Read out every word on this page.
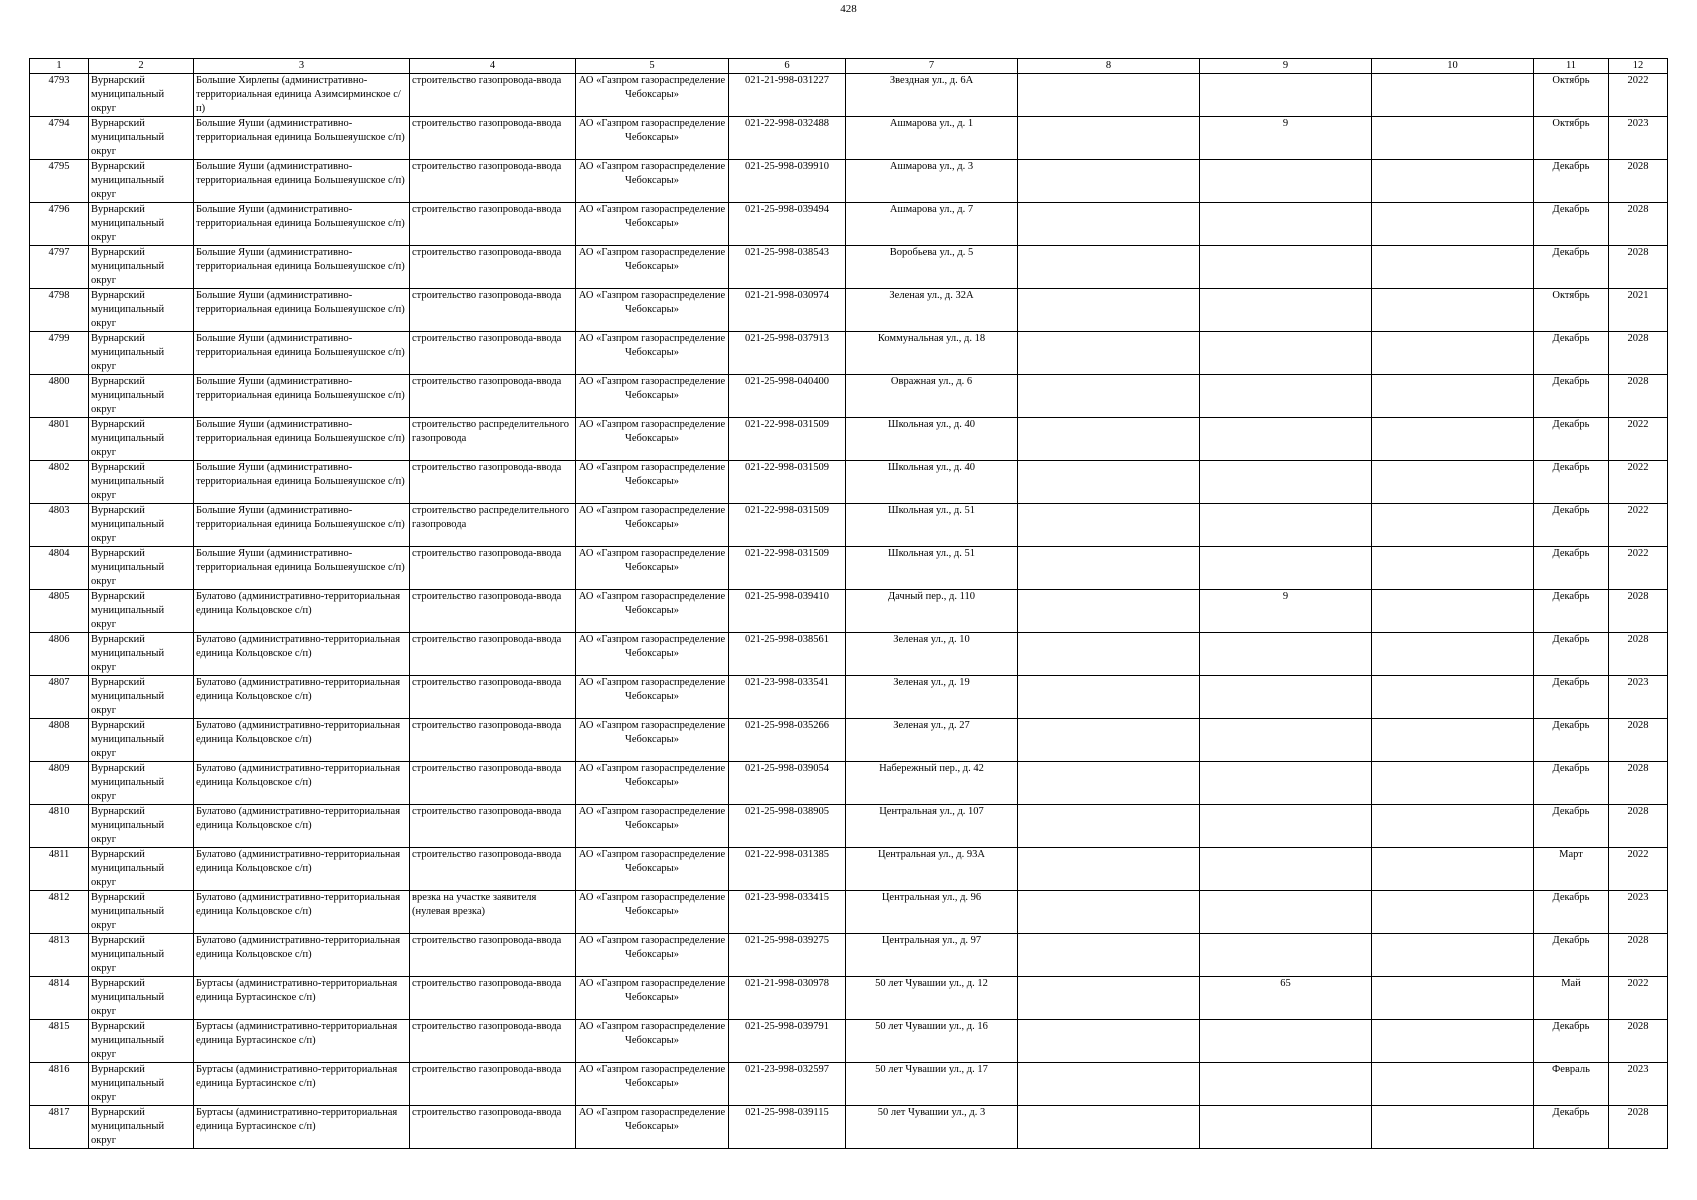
428
1	2	3	4	5	6	7	8	9	10	11	12
4793	Вурнарский муниципальный округ	Большие Хирлепы (административно-территориальная единица Азимсирминское с/п)	строительство газопровода-ввода	АО «Газпром газораспределение Чебоксары»	021-21-998-031227	Звездная ул., д. 6А				Октябрь	2022
4794	Вурнарский муниципальный округ	Большие Яуши (административно-территориальная единица Большеяушское с/п)	строительство газопровода-ввода	АО «Газпром газораспределение Чебоксары»	021-22-998-032488	Ашмарова ул., д. 1		9		Октябрь	2023
4795	Вурнарский муниципальный округ	Большие Яуши (административно-территориальная единица Большеяушское с/п)	строительство газопровода-ввода	АО «Газпром газораспределение Чебоксары»	021-25-998-039910	Ашмарова ул., д. 3				Декабрь	2028
4796	Вурнарский муниципальный округ	Большие Яуши (административно-территориальная единица Большеяушское с/п)	строительство газопровода-ввода	АО «Газпром газораспределение Чебоксары»	021-25-998-039494	Ашмарова ул., д. 7				Декабрь	2028
4797	Вурнарский муниципальный округ	Большие Яуши (административно-территориальная единица Большеяушское с/п)	строительство газопровода-ввода	АО «Газпром газораспределение Чебоксары»	021-25-998-038543	Воробьева ул., д. 5				Декабрь	2028
4798	Вурнарский муниципальный округ	Большие Яуши (административно-территориальная единица Большеяушское с/п)	строительство газопровода-ввода	АО «Газпром газораспределение Чебоксары»	021-21-998-030974	Зеленая ул., д. 32А				Октябрь	2021
4799	Вурнарский муниципальный округ	Большие Яуши (административно-территориальная единица Большеяушское с/п)	строительство газопровода-ввода	АО «Газпром газораспределение Чебоксары»	021-25-998-037913	Коммунальная ул., д. 18				Декабрь	2028
4800	Вурнарский муниципальный округ	Большие Яуши (административно-территориальная единица Большеяушское с/п)	строительство газопровода-ввода	АО «Газпром газораспределение Чебоксары»	021-25-998-040400	Овражная ул., д. 6				Декабрь	2028
4801	Вурнарский муниципальный округ	Большие Яуши (административно-территориальная единица Большеяушское с/п)	строительство распределительного газопровода	АО «Газпром газораспределение Чебоксары»	021-22-998-031509	Школьная ул., д. 40				Декабрь	2022
4802	Вурнарский муниципальный округ	Большие Яуши (административно-территориальная единица Большеяушское с/п)	строительство газопровода-ввода	АО «Газпром газораспределение Чебоксары»	021-22-998-031509	Школьная ул., д. 40				Декабрь	2022
4803	Вурнарский муниципальный округ	Большие Яуши (административно-территориальная единица Большеяушское с/п)	строительство распределительного газопровода	АО «Газпром газораспределение Чебоксары»	021-22-998-031509	Школьная ул., д. 51				Декабрь	2022
4804	Вурнарский муниципальный округ	Большие Яуши (административно-территориальная единица Большеяушское с/п)	строительство газопровода-ввода	АО «Газпром газораспределение Чебоксары»	021-22-998-031509	Школьная ул., д. 51				Декабрь	2022
4805	Вурнарский муниципальный округ	Булатово (административно-территориальная единица Кольцовское с/п)	строительство газопровода-ввода	АО «Газпром газораспределение Чебоксары»	021-25-998-039410	Дачный пер., д. 110		9		Декабрь	2028
4806	Вурнарский муниципальный округ	Булатово (административно-территориальная единица Кольцовское с/п)	строительство газопровода-ввода	АО «Газпром газораспределение Чебоксары»	021-25-998-038561	Зеленая ул., д. 10				Декабрь	2028
4807	Вурнарский муниципальный округ	Булатово (административно-территориальная единица Кольцовское с/п)	строительство газопровода-ввода	АО «Газпром газораспределение Чебоксары»	021-23-998-033541	Зеленая ул., д. 19				Декабрь	2023
4808	Вурнарский муниципальный округ	Булатово (административно-территориальная единица Кольцовское с/п)	строительство газопровода-ввода	АО «Газпром газораспределение Чебоксары»	021-25-998-035266	Зеленая ул., д. 27				Декабрь	2028
4809	Вурнарский муниципальный округ	Булатово (административно-территориальная единица Кольцовское с/п)	строительство газопровода-ввода	АО «Газпром газораспределение Чебоксары»	021-25-998-039054	Набережный пер., д. 42				Декабрь	2028
4810	Вурнарский муниципальный округ	Булатово (административно-территориальная единица Кольцовское с/п)	строительство газопровода-ввода	АО «Газпром газораспределение Чебоксары»	021-25-998-038905	Центральная ул., д. 107				Декабрь	2028
4811	Вурнарский муниципальный округ	Булатово (административно-территориальная единица Кольцовское с/п)	строительство газопровода-ввода	АО «Газпром газораспределение Чебоксары»	021-22-998-031385	Центральная ул., д. 93А				Март	2022
4812	Вурнарский муниципальный округ	Булатово (административно-территориальная единица Кольцовское с/п)	врезка на участке заявителя (нулевая врезка)	АО «Газпром газораспределение Чебоксары»	021-23-998-033415	Центральная ул., д. 96				Декабрь	2023
4813	Вурнарский муниципальный округ	Булатово (административно-территориальная единица Кольцовское с/п)	строительство газопровода-ввода	АО «Газпром газораспределение Чебоксары»	021-25-998-039275	Центральная ул., д. 97				Декабрь	2028
4814	Вурнарский муниципальный округ	Буртасы (административно-территориальная единица Буртасинское с/п)	строительство газопровода-ввода	АО «Газпром газораспределение Чебоксары»	021-21-998-030978	50 лет Чувашии ул., д. 12		65		Май	2022
4815	Вурнарский муниципальный округ	Буртасы (административно-территориальная единица Буртасинское с/п)	строительство газопровода-ввода	АО «Газпром газораспределение Чебоксары»	021-25-998-039791	50 лет Чувашии ул., д. 16				Декабрь	2028
4816	Вурнарский муниципальный округ	Буртасы (административно-территориальная единица Буртасинское с/п)	строительство газопровода-ввода	АО «Газпром газораспределение Чебоксары»	021-23-998-032597	50 лет Чувашии ул., д. 17				Февраль	2023
4817	Вурнарский муниципальный округ	Буртасы (административно-территориальная единица Буртасинское с/п)	строительство газопровода-ввода	АО «Газпром газораспределение Чебоксары»	021-25-998-039115	50 лет Чувашии ул., д. 3				Декабрь	2028
